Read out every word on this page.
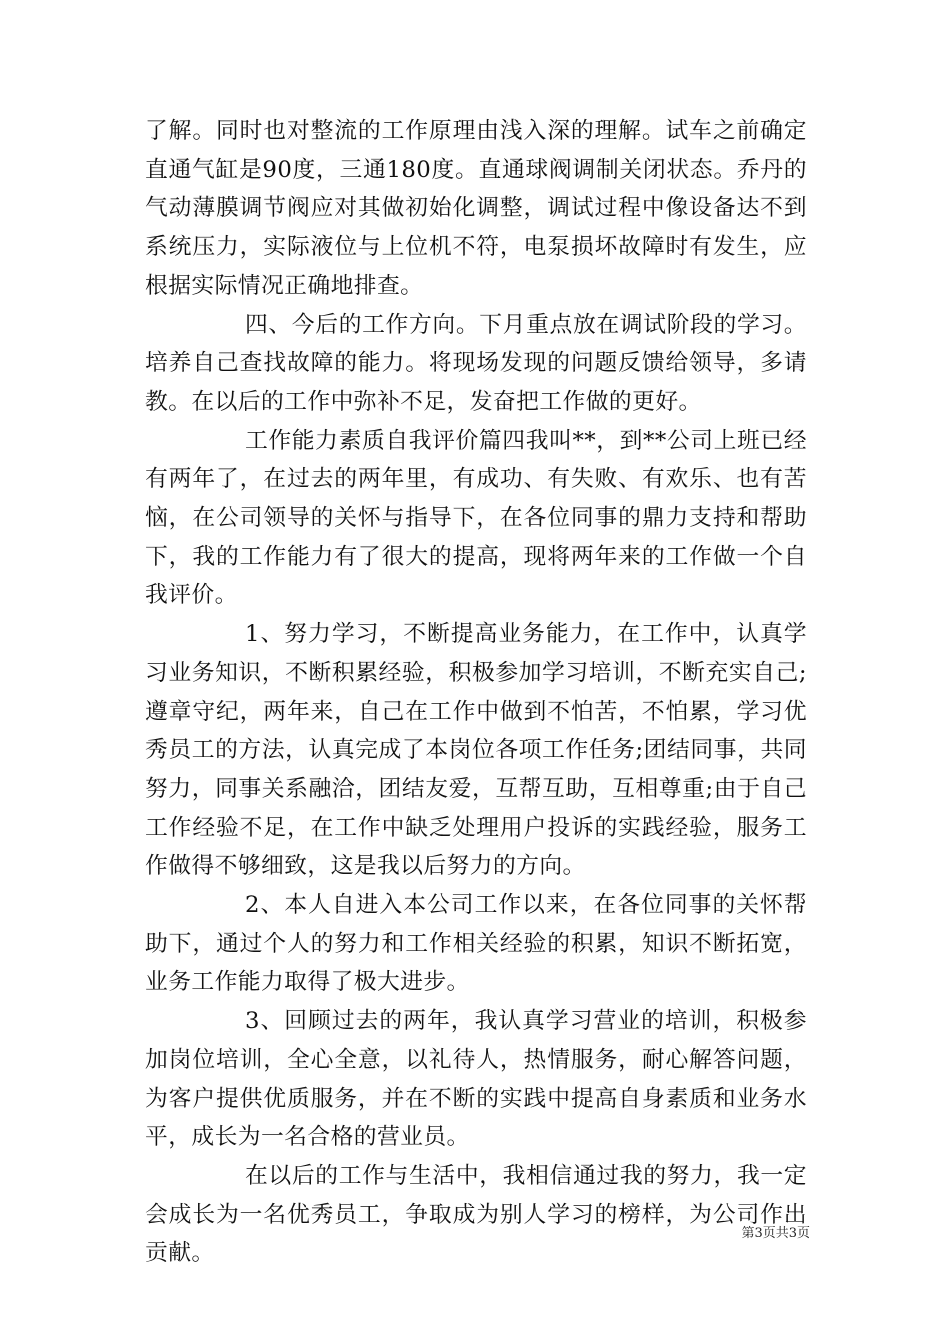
了解。同时也对整流的工作原理由浅入深的理解。试车之前确定直通气缸是90度，三通180度。直通球阀调制关闭状态。乔丹的气动薄膜调节阀应对其做初始化调整，调试过程中像设备达不到系统压力，实际液位与上位机不符，电泵损坏故障时有发生，应根据实际情况正确地排查。

四、今后的工作方向。下月重点放在调试阶段的学习。培养自己查找故障的能力。将现场发现的问题反馈给领导，多请教。在以后的工作中弥补不足，发奋把工作做的更好。

工作能力素质自我评价篇四我叫**，到**公司上班已经有两年了，在过去的两年里，有成功、有失败、有欢乐、也有苦恼，在公司领导的关怀与指导下，在各位同事的鼎力支持和帮助下，我的工作能力有了很大的提高，现将两年来的工作做一个自我评价。

1、努力学习，不断提高业务能力，在工作中，认真学习业务知识，不断积累经验，积极参加学习培训，不断充实自己;遵章守纪，两年来，自己在工作中做到不怕苦，不怕累，学习优秀员工的方法，认真完成了本岗位各项工作任务;团结同事，共同努力，同事关系融洽，团结友爱，互帮互助，互相尊重;由于自己工作经验不足，在工作中缺乏处理用户投诉的实践经验，服务工作做得不够细致，这是我以后努力的方向。

2、本人自进入本公司工作以来，在各位同事的关怀帮助下，通过个人的努力和工作相关经验的积累，知识不断拓宽，业务工作能力取得了极大进步。

3、回顾过去的两年，我认真学习营业的培训，积极参加岗位培训，全心全意，以礼待人，热情服务，耐心解答问题，为客户提供优质服务，并在不断的实践中提高自身素质和业务水平，成长为一名合格的营业员。

在以后的工作与生活中，我相信通过我的努力，我一定会成长为一名优秀员工，争取成为别人学习的榜样，为公司作出贡献。

第3页共3页
